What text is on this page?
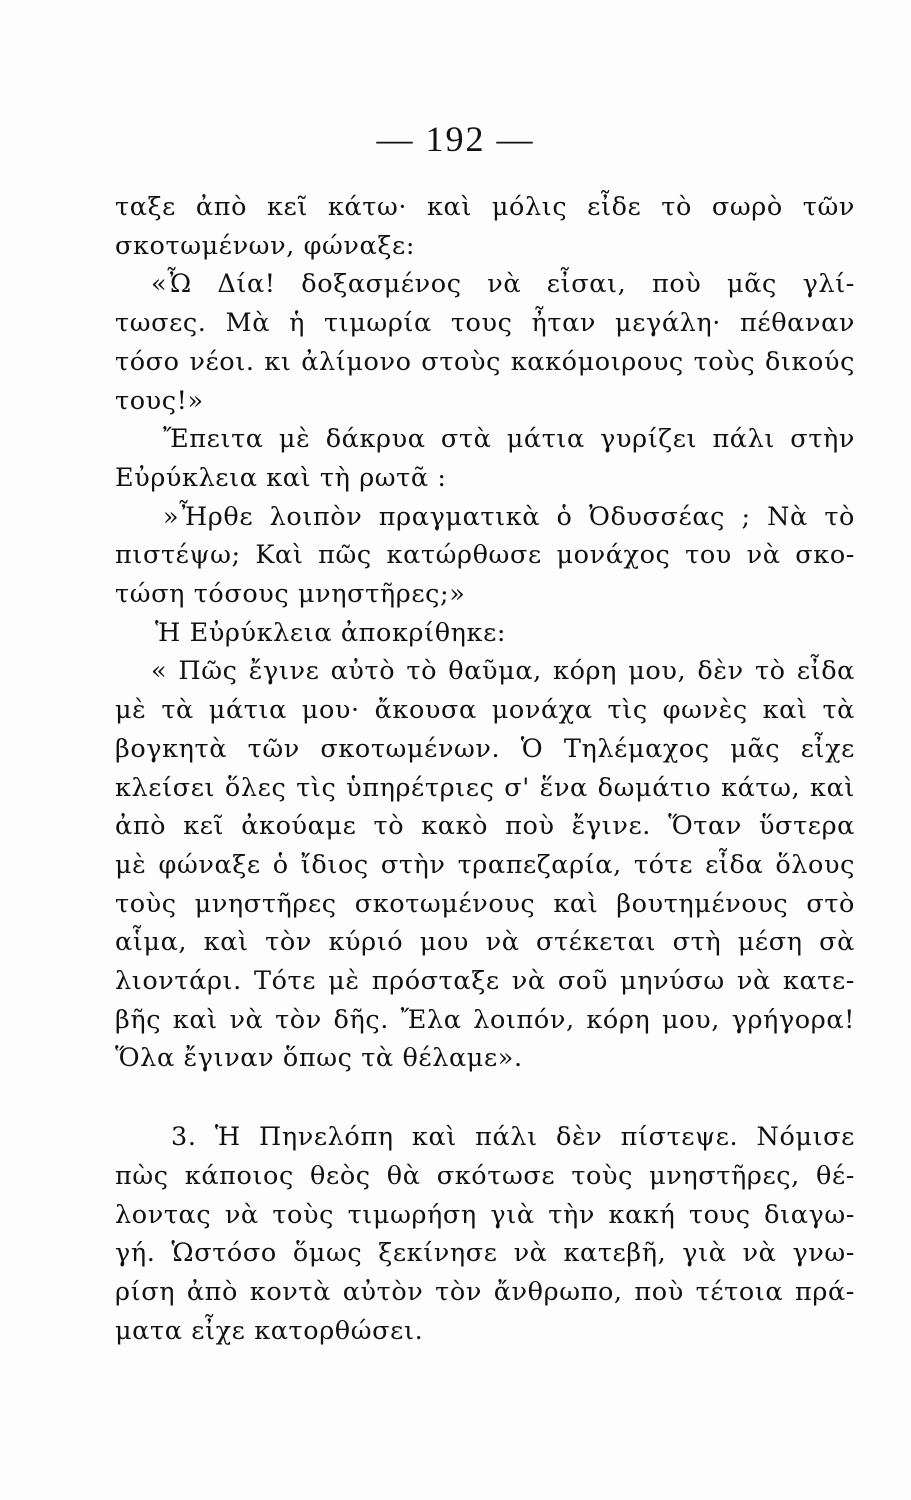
— 192 —
ταξε ἀπὸ κεῖ κάτω· καὶ μόλις εἶδε τὸ σωρὸ τῶν
σκοτωμένων, φώναξε:
«Ὦ Δία! δοξασμένος νὰ εἶσαι, ποὺ μᾶς γλί-
τωσες. Μὰ ἡ τιμωρία τους ἦταν μεγάλη· πέθαναν
τόσο νέοι. κι ἀλίμονο στοὺς κακόμοιρους τοὺς δικούς
τους!»
Ἔπειτα μὲ δάκρυα στὰ μάτια γυρίζει πάλι στὴν
Εὐρύκλεια καὶ τὴ ρωτᾶ :
»Ἦρθε λοιπὸν πραγματικὰ ὁ Ὀδυσσέας ; Νὰ τὸ
πιστέψω; Καὶ πῶς κατώρθωσε μονάχος του νὰ σκο-
τώση τόσους μνηστῆρες;»
Ἡ Εὐρύκλεια ἀποκρίθηκε:
« Πῶς ἔγινε αὐτὸ τὸ θαῦμα, κόρη μου, δὲν τὸ εἶδα
μὲ τὰ μάτια μου· ἄκουσα μονάχα τὶς φωνὲς καὶ τὰ
βογκητὰ τῶν σκοτωμένων. Ὁ Τηλέμαχος μᾶς εἶχε
κλείσει ὅλες τὶς ὑπηρέτριες σ' ἕνα δωμάτιο κάτω, καὶ
ἀπὸ κεῖ ἀκούαμε τὸ κακὸ ποὺ ἔγινε. Ὅταν ὕστερα
μὲ φώναξε ὁ ἴδιος στὴν τραπεζαρία, τότε εἶδα ὅλους
τοὺς μνηστῆρες σκοτωμένους καὶ βουτημένους στὸ
αἷμα, καὶ τὸν κύριό μου νὰ στέκεται στὴ μέση σὰ
λιοντάρι. Τότε μὲ πρόσταξε νὰ σοῦ μηνύσω νὰ κατε-
βῆς καὶ νὰ τὸν δῆς. Ἔλα λοιπόν, κόρη μου, γρήγορα!
Ὅλα ἔγιναν ὅπως τὰ θέλαμε».
3. Ἡ Πηνελόπη καὶ πάλι δὲν πίστεψε. Νόμισε
πὼς κάποιος θεὸς θὰ σκότωσε τοὺς μνηστῆρες, θέ-
λοντας νὰ τοὺς τιμωρήση γιὰ τὴν κακή τους διαγω-
γή. Ὡστόσο ὅμως ξεκίνησε νὰ κατεβῆ, γιὰ νὰ γνω-
ρίση ἀπὸ κοντὰ αὐτὸν τὸν ἄνθρωπο, ποὺ τέτοια πρά-
ματα εἶχε κατορθώσει.
